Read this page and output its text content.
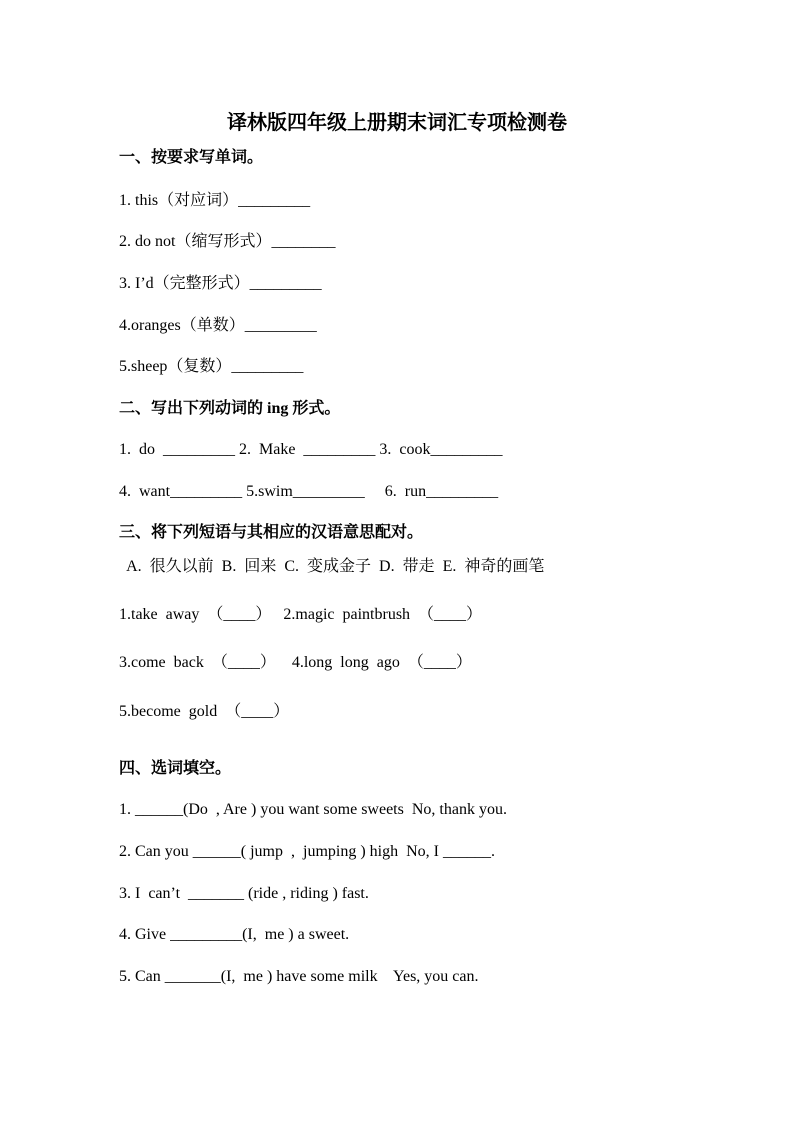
译林版四年级上册期末词汇专项检测卷
一、按要求写单词。
1. this（对应词）_________
2. do not（缩写形式）________
3. I’d（完整形式）_________
4.oranges（单数）_________
5.sheep（复数）_________
二、写出下列动词的 ing 形式。
1.  do  _________ 2.  Make  _________ 3.  cook_________
4.  want_________ 5.swim_________     6.  run_________
三、将下列短语与其相应的汉语意思配对。
A.  很久以前  B.  回来  C.  变成金子  D.  带走  E.  神奇的画笔
1.take  away  （____）   2.magic  paintbrush  （____）
3.come  back  （____）    4.long  long  ago  （____）
5.become  gold  （____）
四、选词填空。
1. ______(Do  , Are ) you want some sweets  No, thank you.
2. Can you ______( jump  ,  jumping ) high  No, I ______.
3. I  can’t  _______ (ride , riding ) fast.
4. Give _________(I,  me ) a sweet.
5. Can _______(I,  me ) have some milk    Yes, you can.
